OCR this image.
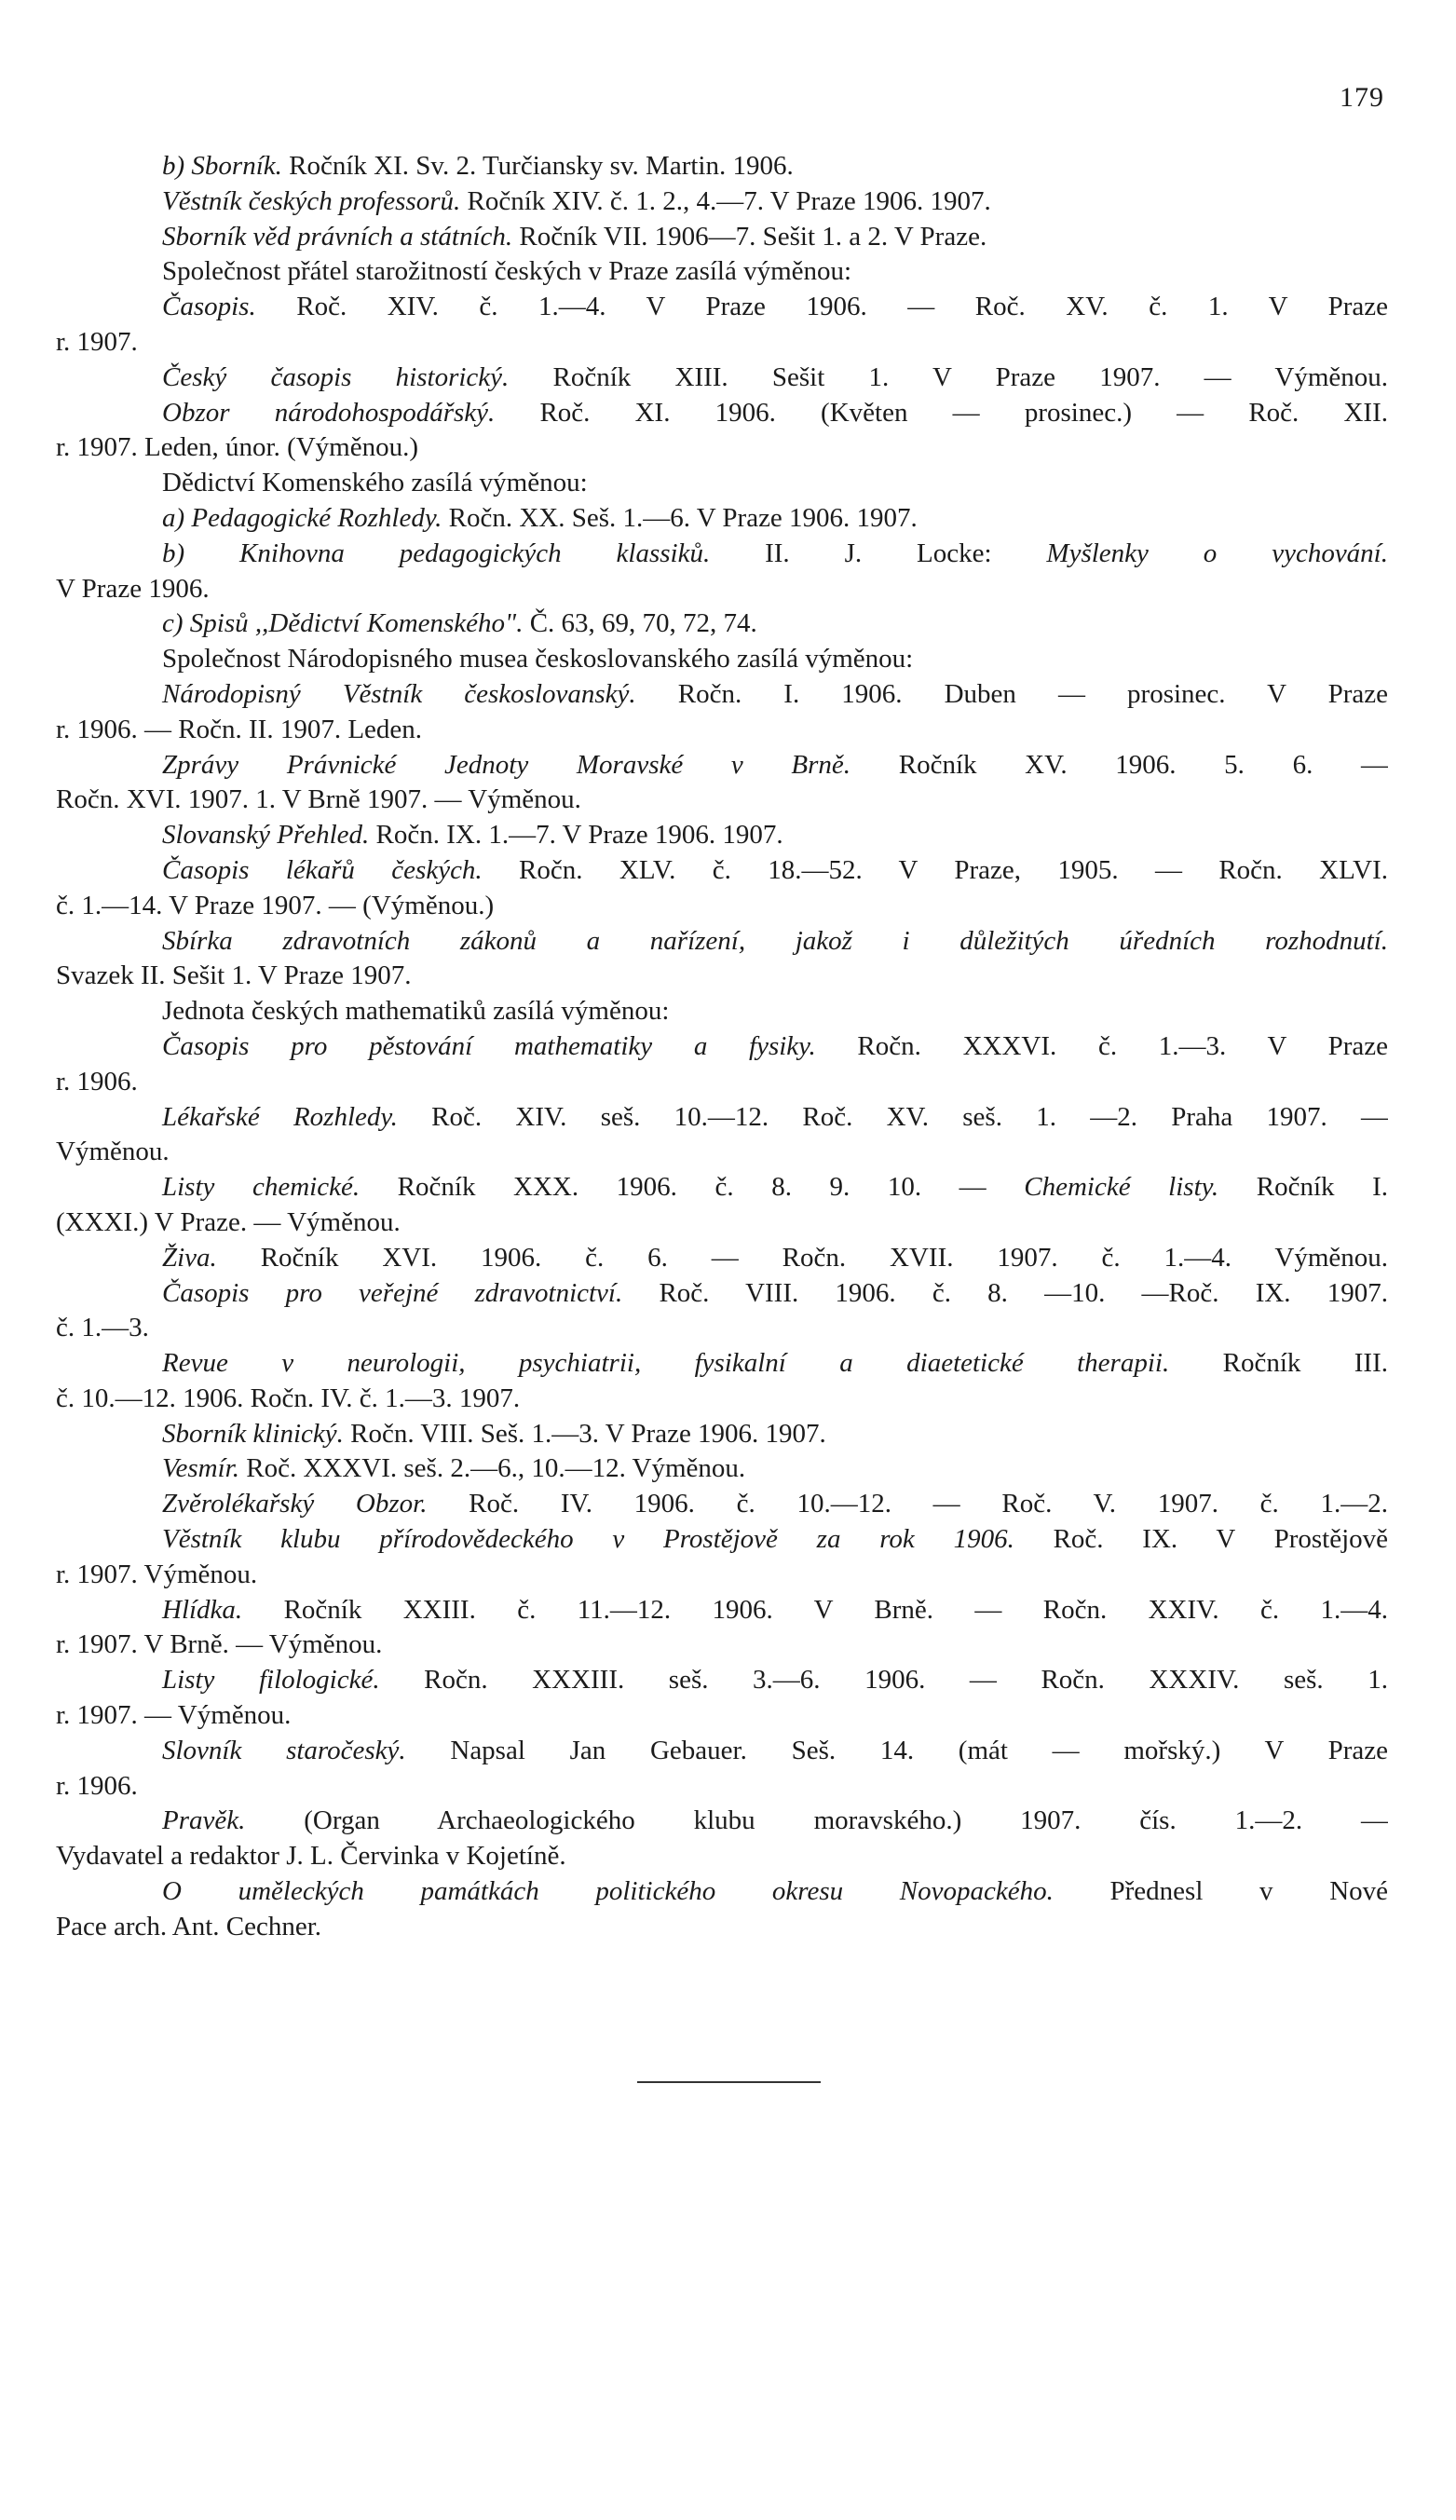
179
b) Sborník. Ročník XI. Sv. 2. Turčiansky sv. Martin. 1906.
Věstník českých professorů. Ročník XIV. č. 1. 2., 4.—7. V Praze 1906. 1907.
Sborník věd právních a státních. Ročník VII. 1906—7. Sešit 1. a 2. V Praze.
Společnost přátel starožitností českých v Praze zasílá výměnou:
Časopis. Roč. XIV. č. 1.—4. V Praze 1906. — Roč. XV. č. 1. V Praze
r. 1907.
Český časopis historický. Ročník XIII. Sešit 1. V Praze 1907. — Výměnou.
Obzor národohospodářský. Roč. XI. 1906. (Květen — prosinec.) — Roč. XII.
r. 1907. Leden, únor. (Výměnou.)
Dědictví Komenského zasílá výměnou:
a) Pedagogické Rozhledy. Ročn. XX. Seš. 1.—6. V Praze 1906. 1907.
b) Knihovna pedagogických klassiků. II. J. Locke: Myšlenky o vychování.
V Praze 1906.
c) Spisů ,,Dědictví Komenského". Č. 63, 69, 70, 72, 74.
Společnost Národopisného musea českoslovanského zasílá výměnou:
Národopisný Věstník českoslovanský. Ročn. I. 1906. Duben — prosinec. V Praze
r. 1906. — Ročn. II. 1907. Leden.
Zprávy Právnické Jednoty Moravské v Brně. Ročník XV. 1906. 5. 6. —
Ročn. XVI. 1907. 1. V Brně 1907. — Výměnou.
Slovanský Přehled. Ročn. IX. 1.—7. V Praze 1906. 1907.
Časopis lékařů českých. Ročn. XLV. č. 18.—52. V Praze, 1905. — Ročn. XLVI.
č. 1.—14. V Praze 1907. — (Výměnou.)
Sbírka zdravotních zákonů a nařízení, jakož i důležitých úředních rozhodnutí.
Svazek II. Sešit 1. V Praze 1907.
Jednota českých mathematiků zasílá výměnou:
Časopis pro pěstování mathematiky a fysiky. Ročn. XXXVI. č. 1.—3. V Praze
r. 1906.
Lékařské Rozhledy. Roč. XIV. seš. 10.—12. Roč. XV. seš. 1. —2. Praha 1907. —
Výměnou.
Listy chemické. Ročník XXX. 1906. č. 8. 9. 10. — Chemické listy. Ročník I.
(XXXI.) V Praze. — Výměnou.
Živa. Ročník XVI. 1906. č. 6. — Ročn. XVII. 1907. č. 1.—4. Výměnou.
Časopis pro veřejné zdravotnictví. Roč. VIII. 1906. č. 8. —10. —Roč. IX. 1907.
č. 1.—3.
Revue v neurologii, psychiatrii, fysikalní a diaetetické therapii. Ročník III.
č. 10.—12. 1906. Ročn. IV. č. 1.—3. 1907.
Sborník klinický. Ročn. VIII. Seš. 1.—3. V Praze 1906. 1907.
Vesmír. Roč. XXXVI. seš. 2.—6., 10.—12. Výměnou.
Zvěrolékařský Obzor. Roč. IV. 1906. č. 10.—12. — Roč. V. 1907. č. 1.—2.
Věstník klubu přírodovědeckého v Prostějově za rok 1906. Roč. IX. V Prostějově
r. 1907. Výměnou.
Hlídka. Ročník XXIII. č. 11.—12. 1906. V Brně. — Ročn. XXIV. č. 1.—4.
r. 1907. V Brně. — Výměnou.
Listy filologické. Ročn. XXXIII. seš. 3.—6. 1906. — Ročn. XXXIV. seš. 1.
r. 1907. — Výměnou.
Slovník staročeský. Napsal Jan Gebauer. Seš. 14. (mát — mořský.) V Praze
r. 1906.
Pravěk. (Organ Archaeologického klubu moravského.) 1907. čís. 1.—2. —
Vydavatel a redaktor J. L. Červinka v Kojetíně.
O uměleckých památkách politického okresu Novopackého. Přednesl v Nové
Pace arch. Ant. Cechner.
